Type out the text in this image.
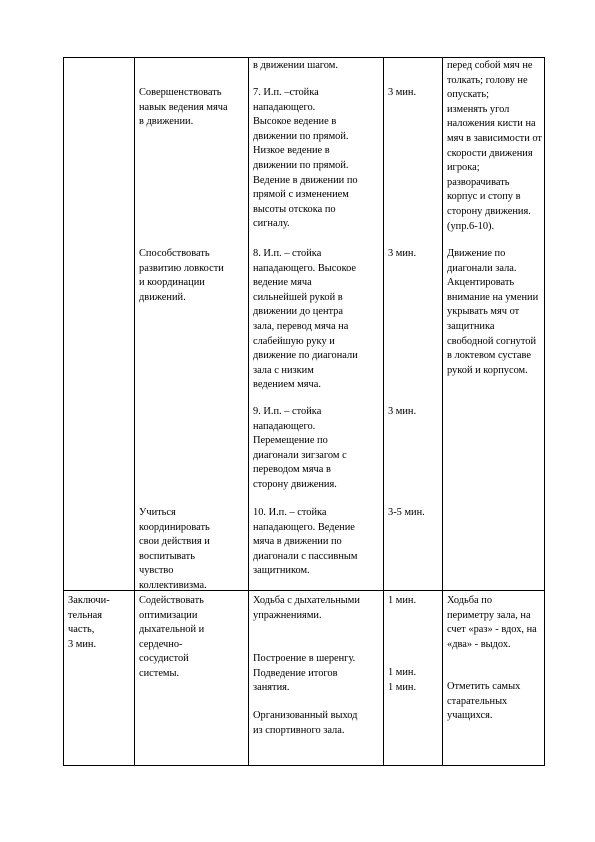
Совершенствовать
навык ведения мяча
в движении.
Способствовать
развитию ловкости
и координации
движений.
Учиться
координировать
свои действия и
воспитывать
чувство
коллективизма.
в движении шагом.
7. И.п. –стойка
нападающего.
Высокое ведение в
движении по прямой.
Низкое ведение в
движении по прямой.
Ведение в движении по
прямой с изменением
высоты отскока по
сигналу.
8. И.п. – стойка
нападающего. Высокое
ведение мяча
сильнейшей рукой в
движении до центра
зала, перевод мяча на
слабейшую руку и
движение по диагонали
зала с низким
ведением мяча.
9. И.п. – стойка
нападающего.
Перемещение по
диагонали зигзагом с
переводом мяча в
сторону движения.
10. И.п. – стойка
нападающего. Ведение
мяча в движении по
диагонали с пассивным
защитником.
3 мин.
3 мин.
3 мин.
3-5 мин.
перед собой мяч не
толкать; голову не
опускать;
изменять угол
наложения кисти на
мяч в зависимости от
скорости движения
игрока;
разворачивать
корпус и стопу в
сторону движения.
(упр.6-10).
Движение по
диагонали зала.
Акцентировать
внимание на умении
укрывать мяч от
защитника
свободной согнутой
в локтевом суставе
рукой и корпусом.
Заключи-
тельная
часть,
3 мин.
Содействовать
оптимизации
дыхательной и
сердечно-
сосудистой
системы.
Ходьба с дыхательными
упражнениями.
Построение в шеренгу.
Подведение итогов
занятия.
Организованный выход
из спортивного зала.
1 мин.
1 мин.
1 мин.
Ходьба по
периметру зала, на
счет «раз» - вдох, на
«два» - выдох.
Отметить самых
старательных
учащихся.
